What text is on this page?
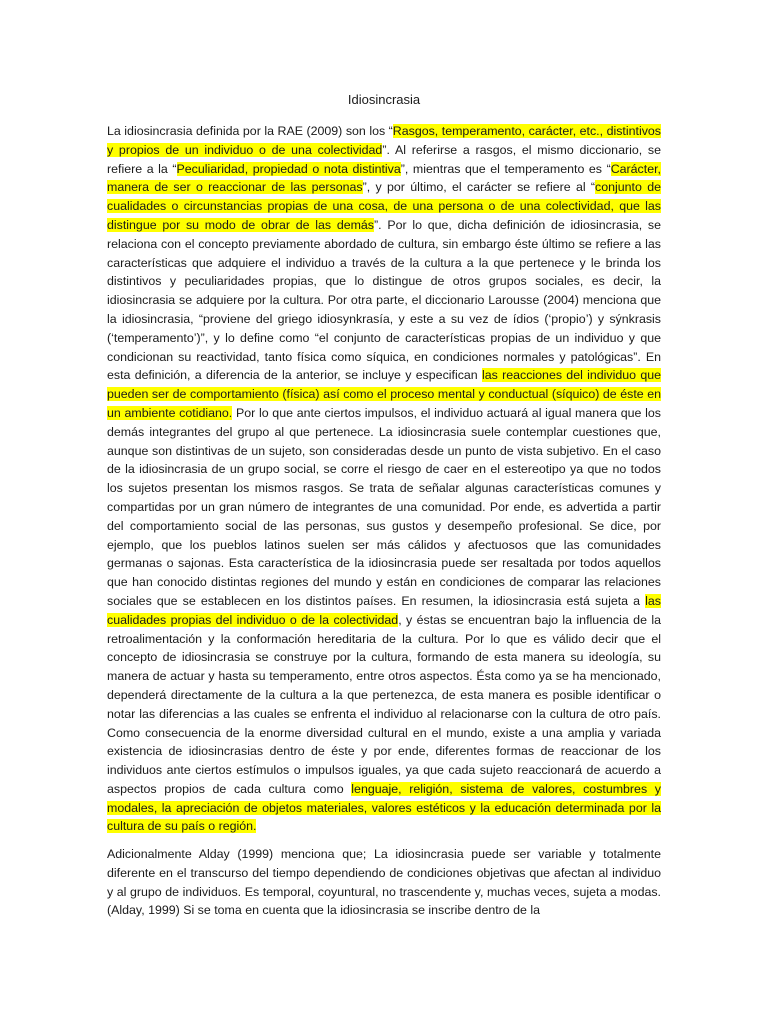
Idiosincrasia

La idiosincrasia definida por la RAE (2009) son los “Rasgos, temperamento, carácter, etc., distintivos y propios de un individuo o de una colectividad”. Al referirse a rasgos, el mismo diccionario, se refiere a la “Peculiaridad, propiedad o nota distintiva”, mientras que el temperamento es “Carácter, manera de ser o reaccionar de las personas”, y por último, el carácter se refiere al “conjunto de cualidades o circunstancias propias de una cosa, de una persona o de una colectividad, que las distingue por su modo de obrar de las demás”. Por lo que, dicha definición de idiosincrasia, se relaciona con el concepto previamente abordado de cultura, sin embargo éste último se refiere a las características que adquiere el individuo a través de la cultura a la que pertenece y le brinda los distintivos y peculiaridades propias, que lo distingue de otros grupos sociales, es decir, la idiosincrasia se adquiere por la cultura. Por otra parte, el diccionario Larousse (2004) menciona que la idiosincrasia, “proviene del griego idiosynkrasía, y este a su vez de ídios (‘propio’) y sýnkrasis (‘temperamento’)”, y lo define como “el conjunto de características propias de un individuo y que condicionan su reactividad, tanto física como síquica, en condiciones normales y patológicas”. En esta definición, a diferencia de la anterior, se incluye y especifican las reacciones del individuo que pueden ser de comportamiento (física) así como el proceso mental y conductual (síquico) de éste en un ambiente cotidiano. Por lo que ante ciertos impulsos, el individuo actuará al igual manera que los demás integrantes del grupo al que pertenece. La idiosincrasia suele contemplar cuestiones que, aunque son distintivas de un sujeto, son consideradas desde un punto de vista subjetivo. En el caso de la idiosincrasia de un grupo social, se corre el riesgo de caer en el estereotipo ya que no todos los sujetos presentan los mismos rasgos. Se trata de señalar algunas características comunes y compartidas por un gran número de integrantes de una comunidad. Por ende, es advertida a partir del comportamiento social de las personas, sus gustos y desempeño profesional. Se dice, por ejemplo, que los pueblos latinos suelen ser más cálidos y afectuosos que las comunidades germanas o sajonas. Esta característica de la idiosincrasia puede ser resaltada por todos aquellos que han conocido distintas regiones del mundo y están en condiciones de comparar las relaciones sociales que se establecen en los distintos países. En resumen, la idiosincrasia está sujeta a las cualidades propias del individuo o de la colectividad, y éstas se encuentran bajo la influencia de la retroalimentación y la conformación hereditaria de la cultura. Por lo que es válido decir que el concepto de idiosincrasia se construye por la cultura, formando de esta manera su ideología, su manera de actuar y hasta su temperamento, entre otros aspectos. Ésta como ya se ha mencionado, dependerá directamente de la cultura a la que pertenezca, de esta manera es posible identificar o notar las diferencias a las cuales se enfrenta el individuo al relacionarse con la cultura de otro país. Como consecuencia de la enorme diversidad cultural en el mundo, existe a una amplia y variada existencia de idiosincrasias dentro de éste y por ende, diferentes formas de reaccionar de los individuos ante ciertos estímulos o impulsos iguales, ya que cada sujeto reaccionará de acuerdo a aspectos propios de cada cultura como lenguaje, religión, sistema de valores, costumbres y modales, la apreciación de objetos materiales, valores estéticos y la educación determinada por la cultura de su país o región.

Adicionalmente Alday (1999) menciona que; La idiosincrasia puede ser variable y totalmente diferente en el transcurso del tiempo dependiendo de condiciones objetivas que afectan al individuo y al grupo de individuos. Es temporal, coyuntural, no trascendente y, muchas veces, sujeta a modas. (Alday, 1999) Si se toma en cuenta que la idiosincrasia se inscribe dentro de la
